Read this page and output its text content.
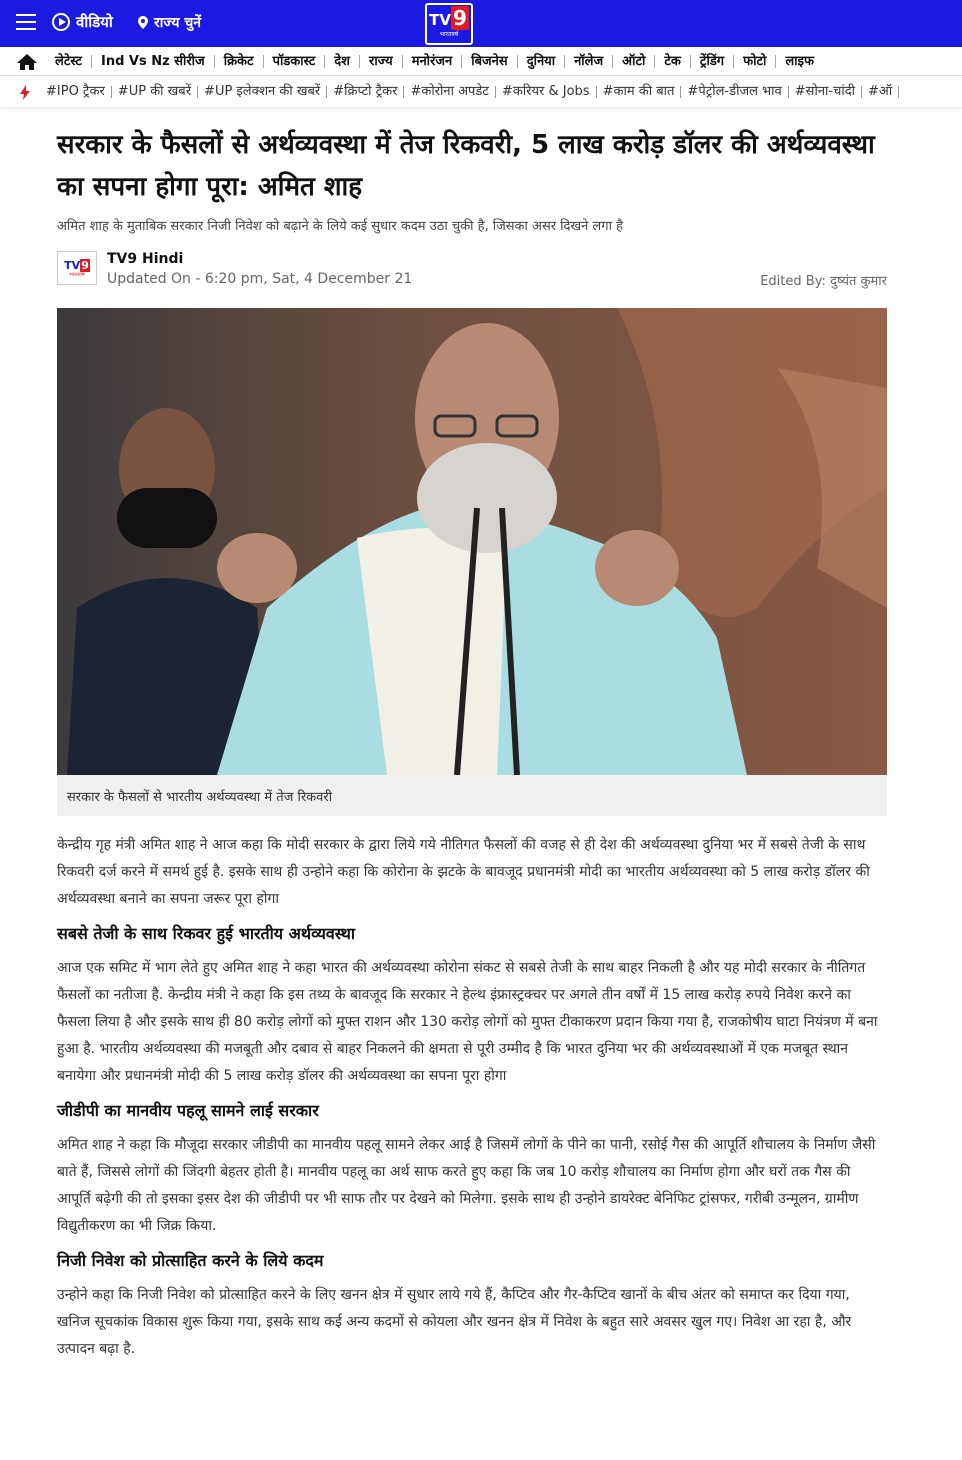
वीडियो	राज्य चुनें	TV 9
भारतवर्ष
लेटेस्ट	Ind Vs Nz सीरीज	क्रिकेट	पॉडकास्ट	देश	राज्य	मनोरंजन	बिजनेस	दुनिया	नॉलेज	ऑटो	टेक	ट्रेंडिंग	फोटो	लाइफ
#IPO ट्रैकर	#UP की खबरें	#UP इलेक्शन की खबरें	#क्रिप्टो ट्रैकर	#कोरोना अपडेट	#करियर & Jobs	#काम की बात	#पेट्रोल-डीजल भाव	#सोना-चांदी	#ऑ
सरकार के फैसलों से अर्थव्यवस्था में तेज रिकवरी, 5 लाख करोड़ डॉलर की अर्थव्यवस्था का सपना होगा पूरा: अमित शाह
अमित शाह के मुताबिक सरकार निजी निवेश को बढ़ाने के लिये कई सुधार कदम उठा चुकी है, जिसका असर दिखने लगा है
TV9
भारतवर्ष
TV9 Hindi
Updated On - 6:20 pm, Sat, 4 December 21	Edited By: दुष्यंत कुमार
सरकार के फैसलों से भारतीय अर्थव्यवस्था में तेज रिकवरी

केन्द्रीय गृह मंत्री अमित शाह ने आज कहा कि मोदी सरकार के द्वारा लिये गये नीतिगत फैसलों की वजह से ही देश की अर्थव्यवस्था दुनिया भर में सबसे तेजी के साथ रिकवरी दर्ज करने में समर्थ हुई है. इसके साथ ही उन्होने कहा कि कोरोना के झटके के बावजूद प्रधानमंत्री मोदी का भारतीय अर्थव्यवस्था को 5 लाख करोड़ डॉलर की अर्थव्यवस्था बनाने का सपना जरूर पूरा होगा

सबसे तेजी के साथ रिकवर हुई भारतीय अर्थव्यवस्था

आज एक समिट में भाग लेते हुए अमित शाह ने कहा भारत की अर्थव्यवस्था कोरोना संकट से सबसे तेजी के साथ बाहर निकली है और यह मोदी सरकार के नीतिगत फैसलों का नतीजा है. केन्द्रीय मंत्री ने कहा कि इस तथ्य के बावजूद कि सरकार ने हेल्थ इंफ्रास्ट्रक्चर पर अगले तीन वर्षों में 15 लाख करोड़ रुपये निवेश करने का फैसला लिया है और इसके साथ ही 80 करोड़ लोगों को मुफ्त राशन और 130 करोड़ लोगों को मुफ्त टीकाकरण प्रदान किया गया है, राजकोषीय घाटा नियंत्रण में बना हुआ है. भारतीय अर्थव्यवस्था की मजबूती और दबाव से बाहर निकलने की क्षमता से पूरी उम्मीद है कि भारत दुनिया भर की अर्थव्यवस्थाओं में एक मजबूत स्थान बनायेगा और प्रधानमंत्री मोदी की 5 लाख करोड़ डॉलर की अर्थव्यवस्था का सपना पूरा होगा

जीडीपी का मानवीय पहलू सामने लाई सरकार

अमित शाह ने कहा कि मौजूदा सरकार जीडीपी का मानवीय पहलू सामने लेकर आई है जिसमें लोगों के पीने का पानी, रसोई गैस की आपूर्ति शौचालय के निर्माण जैसी बाते हैं, जिससे लोगों की जिंदगी बेहतर होती है। मानवीय पहलू का अर्थ साफ करते हुए कहा कि जब 10 करोड़ शौचालय का निर्माण होगा और घरों तक गैस की आपूर्ति बढ़ेगी की तो इसका इसर देश की जीडीपी पर भी साफ तौर पर देखने को मिलेगा. इसके साथ ही उन्होने डायरेक्ट बेनिफिट ट्रांसफर, गरीबी उन्मूलन, ग्रामीण विद्युतीकरण का भी जिक्र किया.

निजी निवेश को प्रोत्साहित करने के लिये कदम

उन्होने कहा कि निजी निवेश को प्रोत्साहित करने के लिए खनन क्षेत्र में सुधार लाये गये हैं, कैप्टिव और गैर-कैप्टिव खानों के बीच अंतर को समाप्त कर दिया गया, खनिज सूचकांक विकास शुरू किया गया, इसके साथ कई अन्य कदमों से कोयला और खनन क्षेत्र में निवेश के बहुत सारे अवसर खुल गए। निवेश आ रहा है, और उत्पादन बढ़ा है.
